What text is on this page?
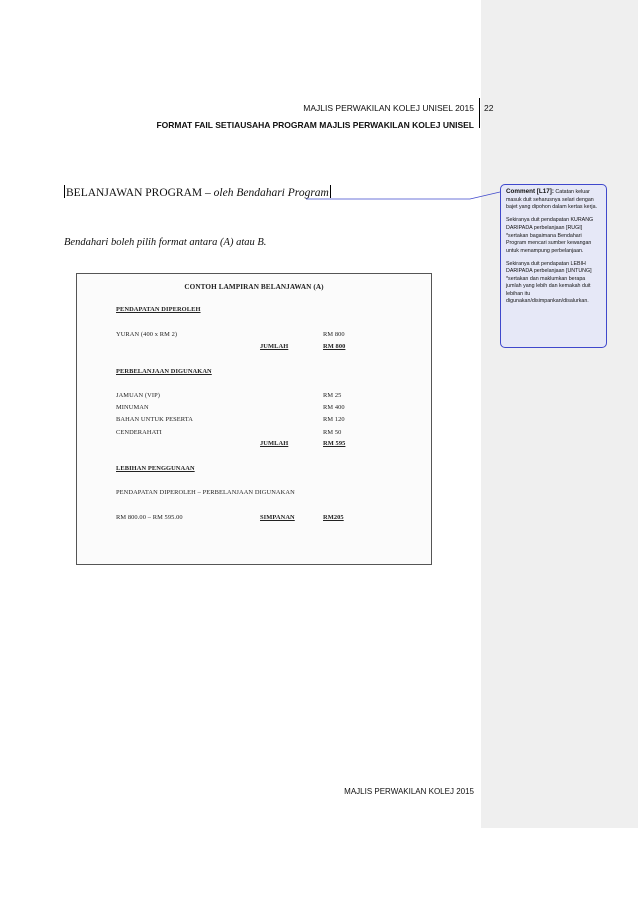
MAJLIS PERWAKILAN KOLEJ UNISEL 2015 22
FORMAT FAIL SETIAUSAHA PROGRAM MAJLIS PERWAKILAN KOLEJ UNISEL
BELANJAWAN PROGRAM – oleh Bendahari Program
Bendahari boleh pilih format antara (A) atau B.

Comment [L17]: Catatan keluar masuk duit seharusnya selari dengan bajet yang dipohon dalam kertas kerja.

Sekiranya duit pendapatan KURANG DARIPADA perbelanjaan [RUGI] *sertakan bagaimana Bendahari Program mencari sumber kewangan untuk menampung perbelanjaan.

Sekiranya duit pendapatan LEBIH DARIPADA perbelanjaan [UNTUNG] *sertakan dan maklumkan berapa jumlah yang lebih dan kemakah duit lebihan itu digunakan/disimpankan/disalurkan.

CONTOH LAMPIRAN BELANJAWAN (A)
PENDAPATAN DIPEROLEH
YURAN (400 x RM 2)	RM 800
JUMLAH	RM 800
PERBELANJAAN DIGUNAKAN
JAMUAN (VIP)	RM 25
MINUMAN	RM 400
BAHAN UNTUK PESERTA	RM 120
CENDERAHATI	RM 50
JUMLAH	RM 595
LEBIHAN PENGGUNAAN
PENDAPATAN DIPEROLEH – PERBELANJAAN DIGUNAKAN
RM 800.00 – RM 595.00	SIMPANAN	RM205
MAJLIS PERWAKILAN KOLEJ 2015
